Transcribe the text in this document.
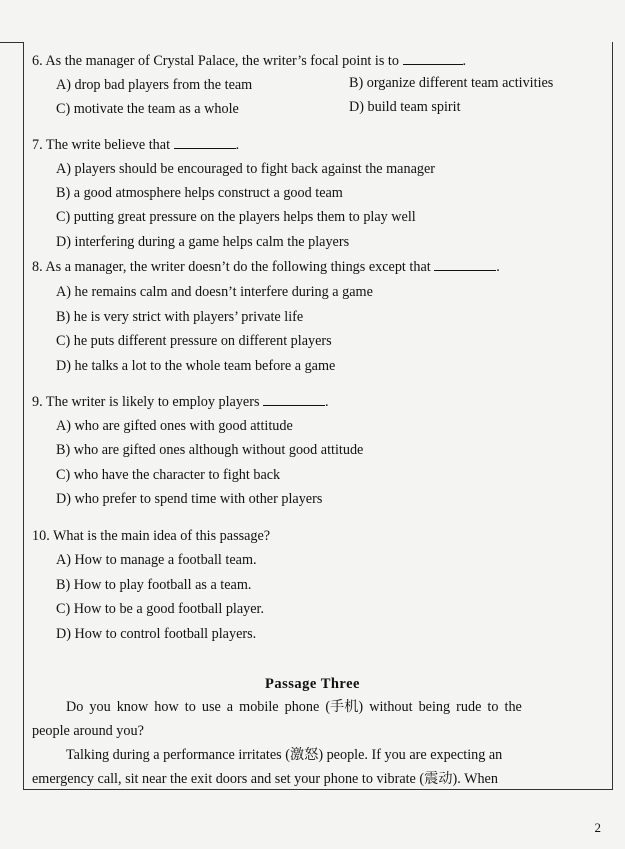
6. As the manager of Crystal Palace, the writer’s focal point is to	.
A) drop bad players from the team	B) organize different team activities
C) motivate the team as a whole	D) build team spirit
7. The write believe that	.
A) players should be encouraged to fight back against the manager
B) a good atmosphere helps construct a good team
C) putting great pressure on the players helps them to play well
D) interfering during a game helps calm the players
8. As a manager, the writer doesn’t do the following things except that	.
A) he remains calm and doesn’t interfere during a game
B) he is very strict with players’ private life
C) he puts different pressure on different players
D) he talks a lot to the whole team before a game
9. The writer is likely to employ players	.
A) who are gifted ones with good attitude
B) who are gifted ones although without good attitude
C) who have the character to fight back
D) who prefer to spend time with other players
10. What is the main idea of this passage?
A) How to manage a football team.
B) How to play football as a team.
C) How to be a good football player.
D) How to control football players.
Passage Three
Do you know how to use a mobile phone (手机) without being rude to the
people around you?
Talking during a performance irritates (激怒) people. If you are expecting an
emergency call, sit near the exit doors and set your phone to vibrate (震动). When
2
